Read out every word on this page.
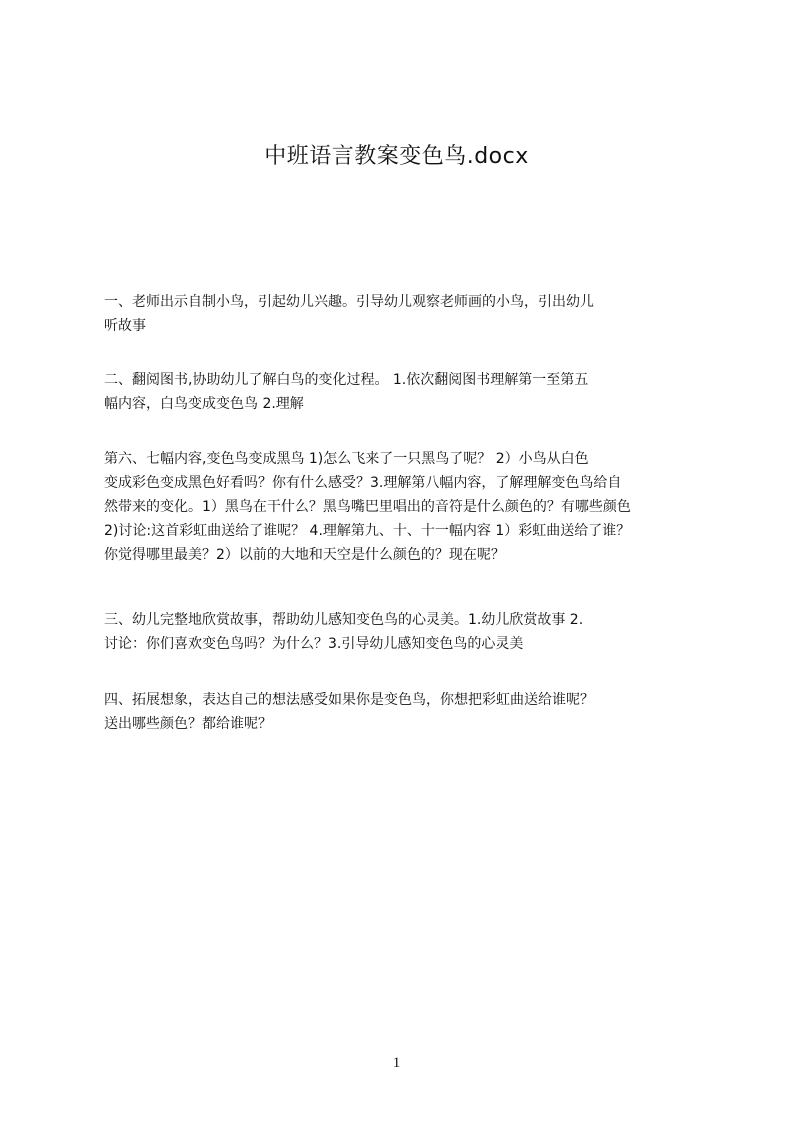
中班语言教案变色鸟.docx
一、老师出示自制小鸟，引起幼儿兴趣。引导幼儿观察老师画的小鸟，引出幼儿
听故事
二、翻阅图书,协助幼儿了解白鸟的变化过程。 1.依次翻阅图书理解第一至第五
幅内容，白鸟变成变色鸟 2.理解
第六、七幅内容,变色鸟变成黑鸟 1)怎么飞来了一只黑鸟了呢？ 2）小鸟从白色
变成彩色变成黑色好看吗？你有什么感受？3.理解第八幅内容，了解理解变色鸟给自
然带来的变化。1）黑鸟在干什么？黑鸟嘴巴里唱出的音符是什么颜色的？有哪些颜色
2)讨论:这首彩虹曲送给了谁呢？ 4.理解第九、十、十一幅内容 1）彩虹曲送给了谁？
你觉得哪里最美？2）以前的大地和天空是什么颜色的？现在呢？
三、幼儿完整地欣赏故事，帮助幼儿感知变色鸟的心灵美。1.幼儿欣赏故事 2.
讨论：你们喜欢变色鸟吗？为什么？3.引导幼儿感知变色鸟的心灵美
四、拓展想象，表达自己的想法感受如果你是变色鸟，你想把彩虹曲送给谁呢？
送出哪些颜色？都给谁呢？
1
